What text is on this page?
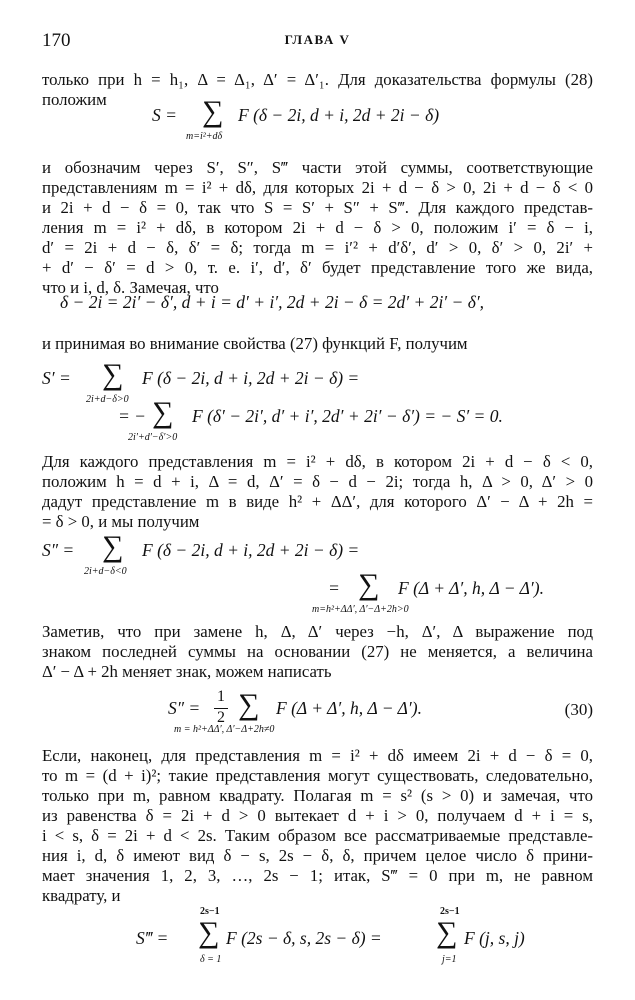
170	ГЛАВА V
только при h = h₁, Δ = Δ₁, Δ′ = Δ′₁. Для доказательства формулы (28)
положим
S = ∑ F (δ − 2i, d + i, 2d + 2i − δ)
m=i²+dδ
и обозначим через S′, S″, S‴ части этой суммы, соответствующие
представлениям m = i² + dδ, для которых 2i + d − δ > 0, 2i + d − δ < 0
и 2i + d − δ = 0, так что S = S′ + S″ + S‴. Для каждого представ-
ления m = i² + dδ, в котором 2i + d − δ > 0, положим i′ = δ − i,
d′ = 2i + d − δ, δ′ = δ; тогда m = i′² + d′δ′, d′ > 0, δ′ > 0, 2i′ +
+ d′ − δ′ = d > 0, т. е. i′, d′, δ′ будет представление того же вида,
что и i, d, δ. Замечая, что
δ − 2i = 2i′ − δ′, d + i = d′ + i′, 2d + 2i − δ = 2d′ + 2i′ − δ′,
и принимая во внимание свойства (27) функций F, получим
S′ = ∑ F (δ − 2i, d + i, 2d + 2i − δ) =
2i+d−δ>0
= − ∑ F (δ′ − 2i′, d′ + i′, 2d′ + 2i′ − δ′) = − S′ = 0.
2i′+d′−δ′>0
Для каждого представления m = i² + dδ, в котором 2i + d − δ < 0,
положим h = d + i, Δ = d, Δ′ = δ − d − 2i; тогда h, Δ > 0, Δ′ > 0
дадут представление m в виде h² + ΔΔ′, для которого Δ′ − Δ + 2h =
= δ > 0, и мы получим
S″ = ∑ F (δ − 2i, d + i, 2d + 2i − δ) =
2i+d−δ<0
= ∑ F (Δ + Δ′, h, Δ − Δ′).
m=h²+ΔΔ′, Δ′−Δ+2h>0
Заметив, что при замене h, Δ, Δ′ через −h, Δ′, Δ выражение под
знаком последней суммы на основании (27) не меняется, а величина
Δ′ − Δ + 2h меняет знак, можем написать
S″ =
1
2 ∑ F (Δ + Δ′, h, Δ − Δ′).
m = h²+ΔΔ′, Δ′−Δ+2h≠0
(30)
Если, наконец, для представления m = i² + dδ имеем 2i + d − δ = 0,
то m = (d + i)²; такие представления могут существовать, следовательно,
только при m, равном квадрату. Полагая m = s² (s > 0) и замечая, что
из равенства δ = 2i + d > 0 вытекает d + i > 0, получаем d + i = s,
i < s, δ = 2i + d < 2s. Таким образом все рассматриваемые представле-
ния i, d, δ имеют вид δ − s, 2s − δ, δ, причем целое число δ прини-
мает значения 1, 2, 3, …, 2s − 1; итак, S‴ = 0 при m, не равном
квадрату, и
S‴ =
2s−1
∑
δ = 1
F (2s − δ, s, 2s − δ) =
2s−1
∑
j=1
F (j, s, j)
